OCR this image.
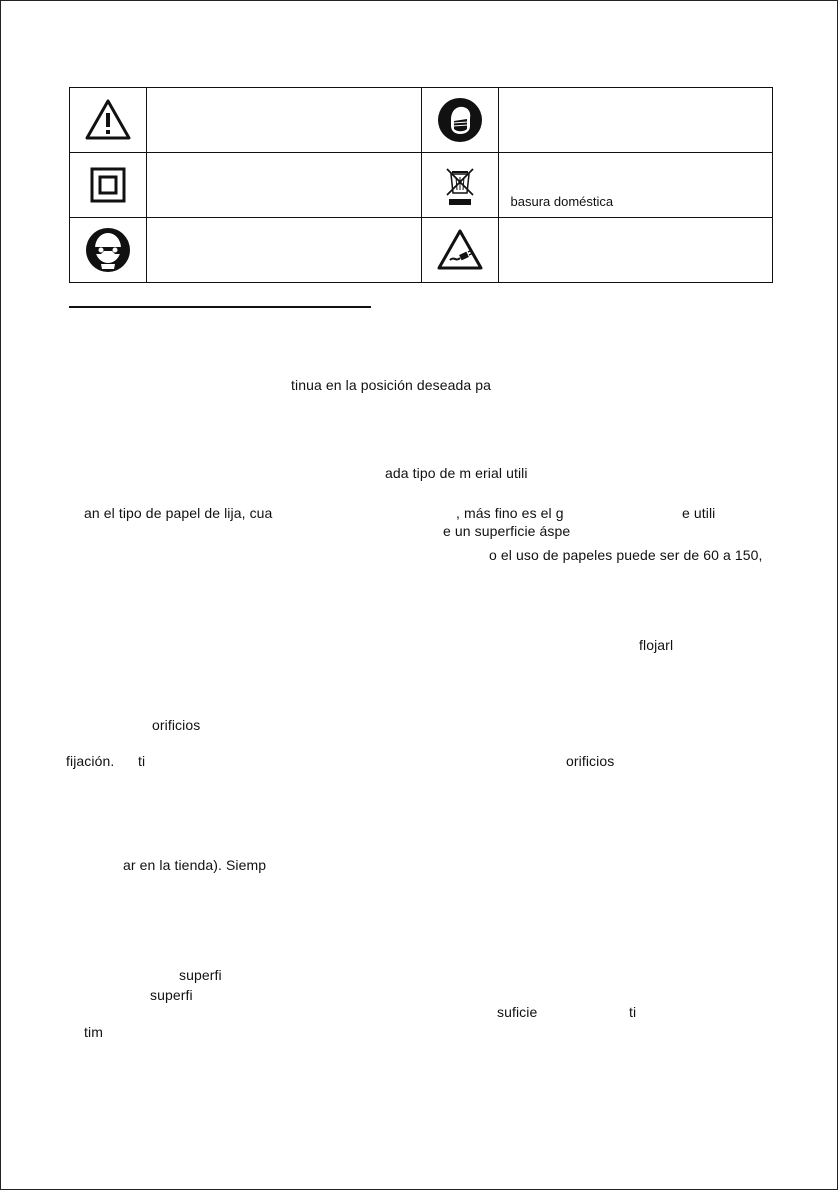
	basura doméstica

tinua en la posición deseada pa
ada tipo de m erial utili
an el tipo de papel de lija, cua	, más fino es el g	e utili
e un superficie áspe
o el uso de papeles puede ser de 60 a 150,
flojarl
orificios
fijación. ti	orificios
ar en la tienda). Siemp
superfi
superfi
suficie	ti
tim
